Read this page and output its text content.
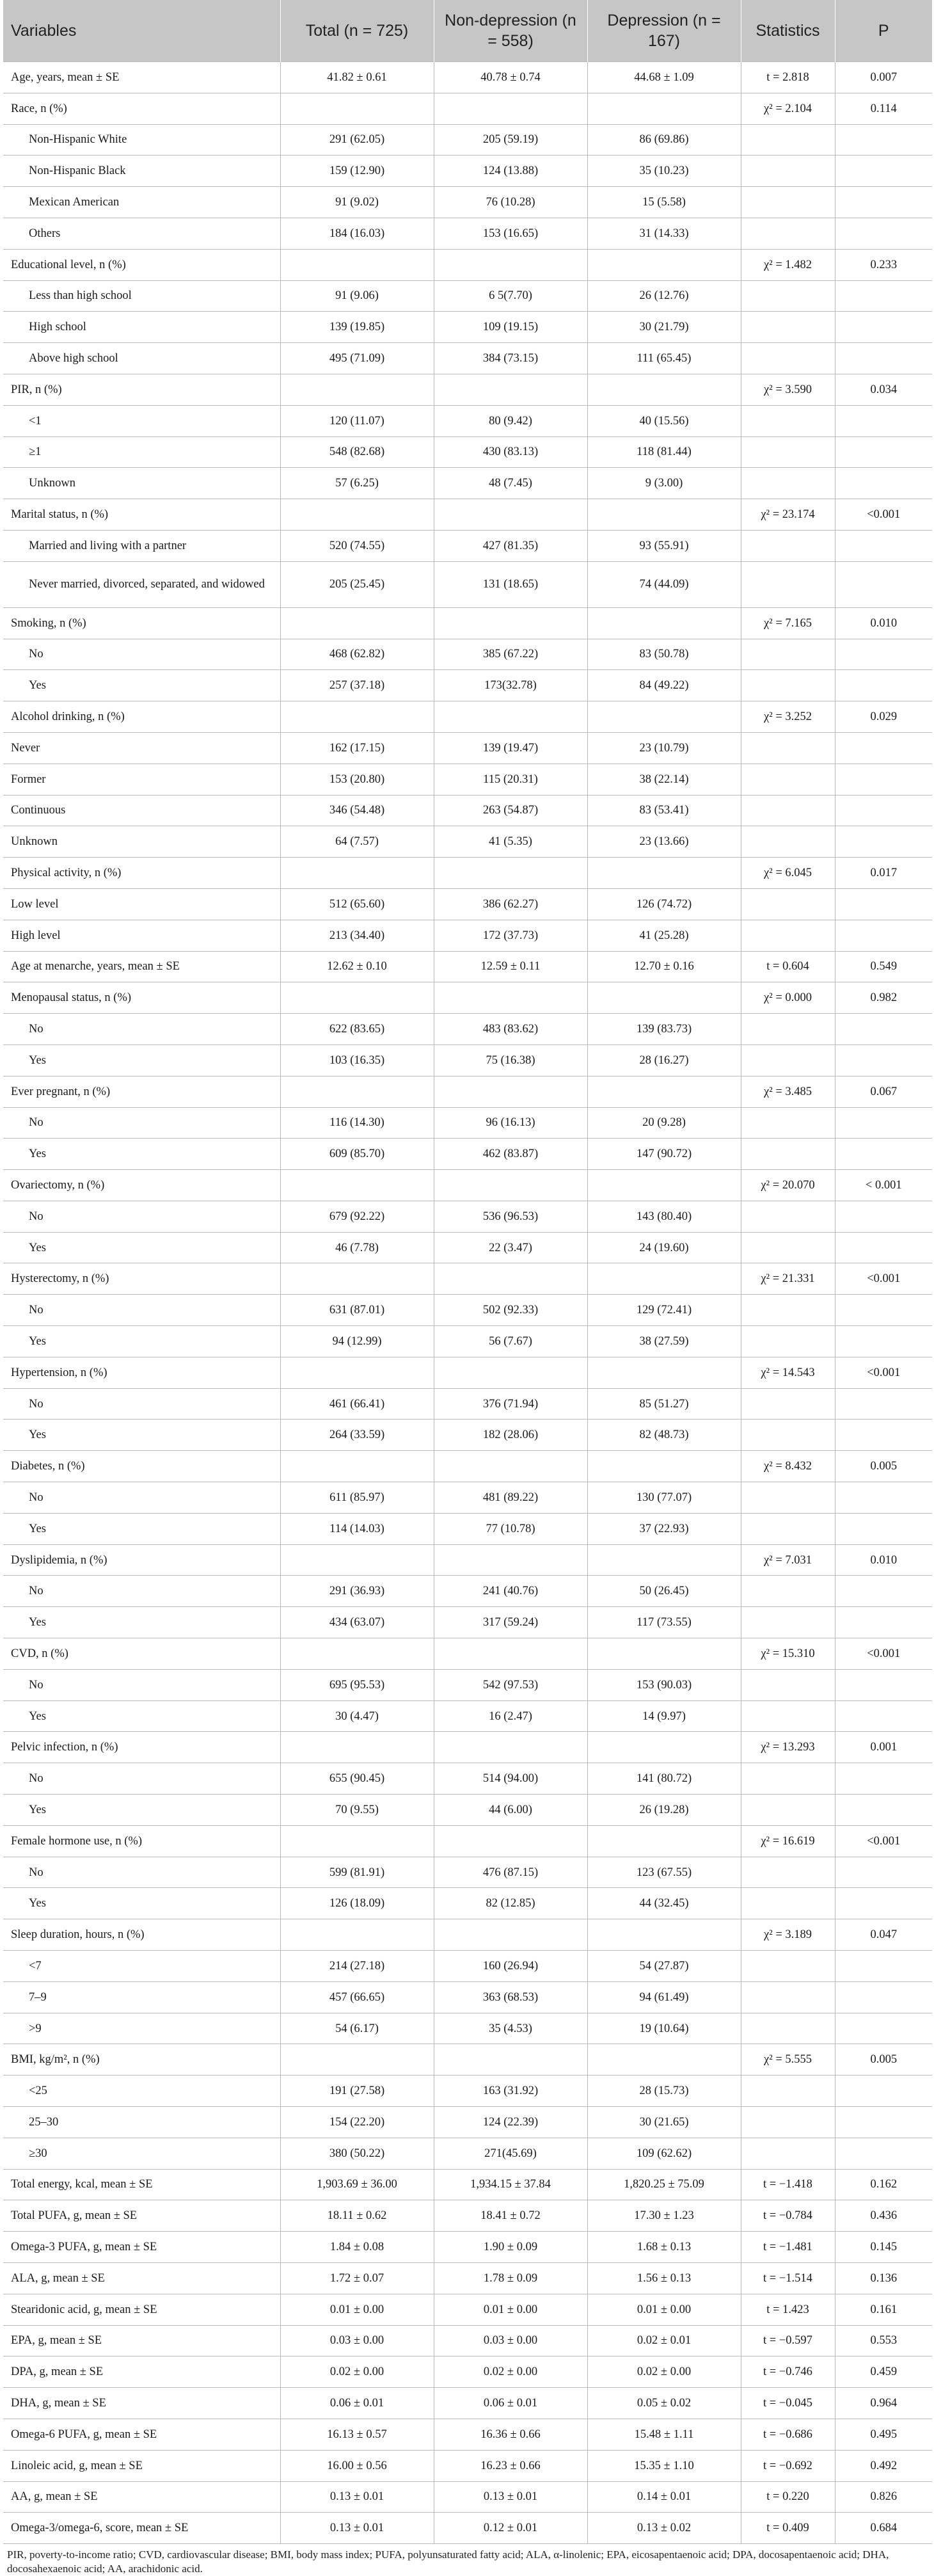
Variables	Total (n = 725)	Non-depression (n = 558)	Depression (n = 167)	Statistics	P
Age, years, mean ± SE	41.82 ± 0.61	40.78 ± 0.74	44.68 ± 1.09	t = 2.818	0.007
Race, n (%)				χ² = 2.104	0.114
Non-Hispanic White	291 (62.05)	205 (59.19)	86 (69.86)		
Non-Hispanic Black	159 (12.90)	124 (13.88)	35 (10.23)		
Mexican American	91 (9.02)	76 (10.28)	15 (5.58)		
Others	184 (16.03)	153 (16.65)	31 (14.33)		
Educational level, n (%)				χ² = 1.482	0.233
Less than high school	91 (9.06)	6 5(7.70)	26 (12.76)		
High school	139 (19.85)	109 (19.15)	30 (21.79)		
Above high school	495 (71.09)	384 (73.15)	111 (65.45)		
PIR, n (%)				χ² = 3.590	0.034
<1	120 (11.07)	80 (9.42)	40 (15.56)		
≥1	548 (82.68)	430 (83.13)	118 (81.44)		
Unknown	57 (6.25)	48 (7.45)	9 (3.00)		
Marital status, n (%)				χ² = 23.174	<0.001
Married and living with a partner	520 (74.55)	427 (81.35)	93 (55.91)		
Never married, divorced, separated, and widowed	205 (25.45)	131 (18.65)	74 (44.09)		
Smoking, n (%)				χ² = 7.165	0.010
No	468 (62.82)	385 (67.22)	83 (50.78)		
Yes	257 (37.18)	173(32.78)	84 (49.22)		
Alcohol drinking, n (%)				χ² = 3.252	0.029
Never	162 (17.15)	139 (19.47)	23 (10.79)		
Former	153 (20.80)	115 (20.31)	38 (22.14)		
Continuous	346 (54.48)	263 (54.87)	83 (53.41)		
Unknown	64 (7.57)	41 (5.35)	23 (13.66)		
Physical activity, n (%)				χ² = 6.045	0.017
Low level	512 (65.60)	386 (62.27)	126 (74.72)		
High level	213 (34.40)	172 (37.73)	41 (25.28)		
Age at menarche, years, mean ± SE	12.62 ± 0.10	12.59 ± 0.11	12.70 ± 0.16	t = 0.604	0.549
Menopausal status, n (%)				χ² = 0.000	0.982
No	622 (83.65)	483 (83.62)	139 (83.73)		
Yes	103 (16.35)	75 (16.38)	28 (16.27)		
Ever pregnant, n (%)				χ² = 3.485	0.067
No	116 (14.30)	96 (16.13)	20 (9.28)		
Yes	609 (85.70)	462 (83.87)	147 (90.72)		
Ovariectomy, n (%)				χ² = 20.070	< 0.001
No	679 (92.22)	536 (96.53)	143 (80.40)		
Yes	46 (7.78)	22 (3.47)	24 (19.60)		
Hysterectomy, n (%)				χ² = 21.331	<0.001
No	631 (87.01)	502 (92.33)	129 (72.41)		
Yes	94 (12.99)	56 (7.67)	38 (27.59)		
Hypertension, n (%)				χ² = 14.543	<0.001
No	461 (66.41)	376 (71.94)	85 (51.27)		
Yes	264 (33.59)	182 (28.06)	82 (48.73)		
Diabetes, n (%)				χ² = 8.432	0.005
No	611 (85.97)	481 (89.22)	130 (77.07)		
Yes	114 (14.03)	77 (10.78)	37 (22.93)		
Dyslipidemia, n (%)				χ² = 7.031	0.010
No	291 (36.93)	241 (40.76)	50 (26.45)		
Yes	434 (63.07)	317 (59.24)	117 (73.55)		
CVD, n (%)				χ² = 15.310	<0.001
No	695 (95.53)	542 (97.53)	153 (90.03)		
Yes	30 (4.47)	16 (2.47)	14 (9.97)		
Pelvic infection, n (%)				χ² = 13.293	0.001
No	655 (90.45)	514 (94.00)	141 (80.72)		
Yes	70 (9.55)	44 (6.00)	26 (19.28)		
Female hormone use, n (%)				χ² = 16.619	<0.001
No	599 (81.91)	476 (87.15)	123 (67.55)		
Yes	126 (18.09)	82 (12.85)	44 (32.45)		
Sleep duration, hours, n (%)				χ² = 3.189	0.047
<7	214 (27.18)	160 (26.94)	54 (27.87)		
7–9	457 (66.65)	363 (68.53)	94 (61.49)		
>9	54 (6.17)	35 (4.53)	19 (10.64)		
BMI, kg/m², n (%)				χ² = 5.555	0.005
<25	191 (27.58)	163 (31.92)	28 (15.73)		
25–30	154 (22.20)	124 (22.39)	30 (21.65)		
≥30	380 (50.22)	271(45.69)	109 (62.62)		
Total energy, kcal, mean ± SE	1,903.69 ± 36.00	1,934.15 ± 37.84	1,820.25 ± 75.09	t = −1.418	0.162
Total PUFA, g, mean ± SE	18.11 ± 0.62	18.41 ± 0.72	17.30 ± 1.23	t = −0.784	0.436
Omega-3 PUFA, g, mean ± SE	1.84 ± 0.08	1.90 ± 0.09	1.68 ± 0.13	t = −1.481	0.145
ALA, g, mean ± SE	1.72 ± 0.07	1.78 ± 0.09	1.56 ± 0.13	t = −1.514	0.136
Stearidonic acid, g, mean ± SE	0.01 ± 0.00	0.01 ± 0.00	0.01 ± 0.00	t = 1.423	0.161
EPA, g, mean ± SE	0.03 ± 0.00	0.03 ± 0.00	0.02 ± 0.01	t = −0.597	0.553
DPA, g, mean ± SE	0.02 ± 0.00	0.02 ± 0.00	0.02 ± 0.00	t = −0.746	0.459
DHA, g, mean ± SE	0.06 ± 0.01	0.06 ± 0.01	0.05 ± 0.02	t = −0.045	0.964
Omega-6 PUFA, g, mean ± SE	16.13 ± 0.57	16.36 ± 0.66	15.48 ± 1.11	t = −0.686	0.495
Linoleic acid, g, mean ± SE	16.00 ± 0.56	16.23 ± 0.66	15.35 ± 1.10	t = −0.692	0.492
AA, g, mean ± SE	0.13 ± 0.01	0.13 ± 0.01	0.14 ± 0.01	t = 0.220	0.826
Omega-3/omega-6, score, mean ± SE	0.13 ± 0.01	0.12 ± 0.01	0.13 ± 0.02	t = 0.409	0.684
PIR, poverty-to-income ratio; CVD, cardiovascular disease; BMI, body mass index; PUFA, polyunsaturated fatty acid; ALA, α-linolenic; EPA, eicosapentaenoic acid; DPA, docosapentaenoic acid; DHA, docosahexaenoic acid; AA, arachidonic acid.
